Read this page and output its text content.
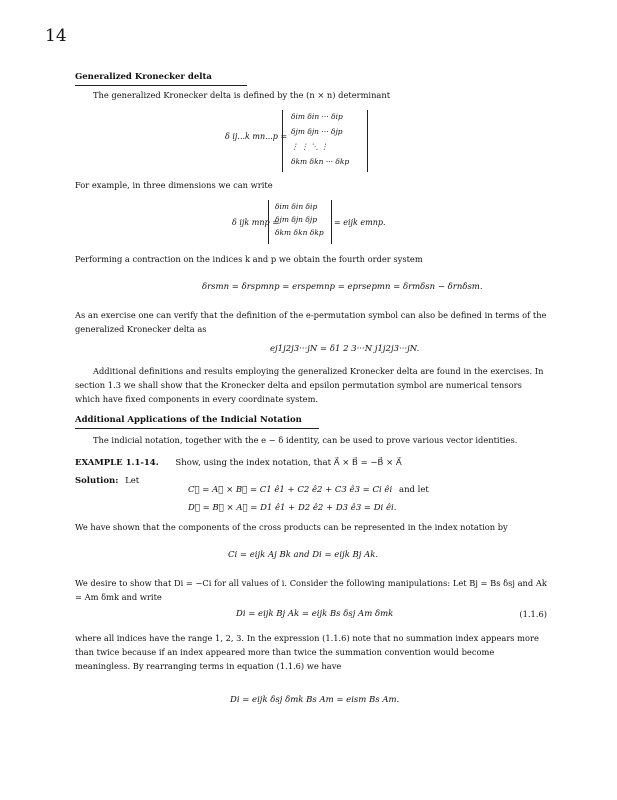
14
Generalized Kronecker delta
The generalized Kronecker delta is defined by the (n × n) determinant
δ ij...k mn...p =
δim δin ··· δip
δjm δjn ··· δjp
⋮ ⋮ ⋱ ⋮
δkm δkn ··· δkp
For example, in three dimensions we can write
δ ijk mnp =
δim δin δip
δjm δjn δjp
δkm δkn δkp
= eijk emnp.
Performing a contraction on the indices k and p we obtain the fourth order system
δrsmn = δrspmnp = erspemnp = eprsepmn = δrmδsn − δrnδsm.
As an exercise one can verify that the definition of the e-permutation symbol can also be defined in terms of the generalized Kronecker delta as
ej1j2j3···jN = δ1 2 3···N j1j2j3···jN.
Additional definitions and results employing the generalized Kronecker delta are found in the exercises. In section 1.3 we shall show that the Kronecker delta and epsilon permutation symbol are numerical tensors which have fixed components in every coordinate system.
Additional Applications of the Indicial Notation
The indicial notation, together with the e − δ identity, can be used to prove various vector identities.
EXAMPLE 1.1-14. Show, using the index notation, that A⃗ × B⃗ = −B⃗ × A⃗
Solution: Let
C⃗ = A⃗ × B⃗ = C1 ê1 + C2 ê2 + C3 ê3 = Ci êi and let
D⃗ = B⃗ × A⃗ = D1 ê1 + D2 ê2 + D3 ê3 = Di êi.
We have shown that the components of the cross products can be represented in the index notation by
Ci = eijk Aj Bk and Di = eijk Bj Ak.
We desire to show that Di = −Ci for all values of i. Consider the following manipulations: Let Bj = Bs δsj and Ak = Am δmk and write
Di = eijk Bj Ak = eijk Bs δsj Am δmk	(1.1.6)
where all indices have the range 1, 2, 3. In the expression (1.1.6) note that no summation index appears more than twice because if an index appeared more than twice the summation convention would become meaningless. By rearranging terms in equation (1.1.6) we have
Di = eijk δsj δmk Bs Am = eism Bs Am.
